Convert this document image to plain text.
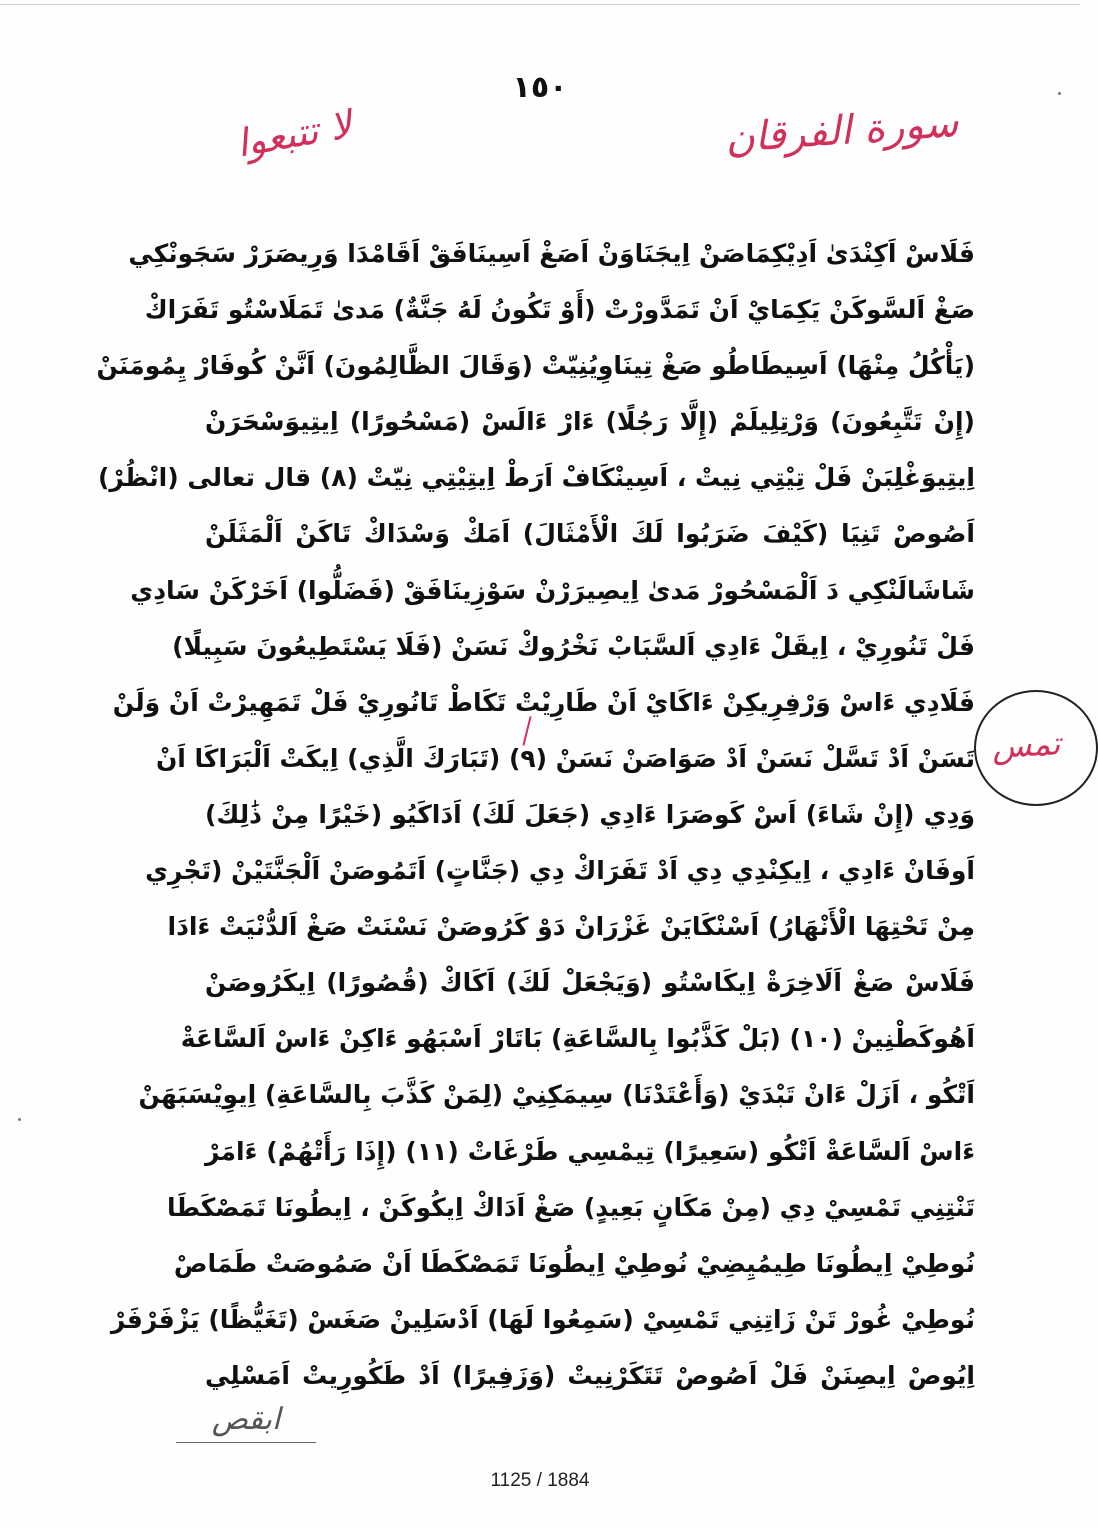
١٥٠
سورة الفرقان
لا تتبعوا
تمس
فَلَاسْ اَكِنْدَىٰ اَدِيْكِمَاصَنْ اِيجَنَاوَنْ اَصَغْ اَسِينَافَقْ اَقَامْدَا وَرِيصَرَرْ سَجَونْكِي
صَغْ اَلسَّوكَنْ يَكِمَايْ اَنْ تَمَدَّورْتْ (أَوْ تَكُونُ لَهُ جَنَّةٌ) مَدىٰ تَمَلَاسْتُو تَفَرَاكْ
(يَأْكُلُ مِنْهَا) اَسِيطَاطُو صَغْ تِينَاوِيُنِيّتْ (وَقَالَ الظَّالِمُونَ) اَنَّنْ كُوفَارْ يِمُومَنَنْ
(إِنْ تَتَّبِعُونَ) وَرْتِلِيلَمْ (إِلَّا رَجُلًا) ءَارْ ءَالَسْ (مَسْحُورًا) اِيتِيوَسْحَرَنْ
اِيتِيوَغْلِبَنْ فَلْ تِيْتِي نِيتْ ، اَسِينْكَافْ اَرَطْ اِيتِيْتِي نِيّتْ (٨) قال تعالى (انْظُرْ)
اَصُوصْ تَنِيَا (كَيْفَ ضَرَبُوا لَكَ الْأَمْثَالَ) اَمَكْ وَسْدَاكْ تَاكَنْ اَلْمَثَلَنْ
شَاشَالَنْكِي دَ اَلْمَسْحُورْ مَدىٰ اِيصِيرَرْنْ سَوْزِينَافَقْ (فَضَلُّوا) اَخَرْكَنْ سَادِي
فَلْ تَنُورِيْ ، اِيقَلْ ءَادِي اَلسَّبَابْ نَخْرُوكْ نَسَنْ (فَلَا يَسْتَطِيعُونَ سَبِيلًا)
فَلَادِي ءَاسْ وَرْفِرِيكِنْ ءَاكَايْ اَنْ طَارِيْتْ تَكَاطْ تَانُورِيْ فَلْ تَمَهِيرْتْ اَنْ وَلَنْ
تَسَنْ اَدْ تَسَّلْ نَسَنْ اَدْ صَوَاصَنْ نَسَنْ (٩) (تَبَارَكَ الَّذِي) اِيكَتْ اَلْبَرَاكَا اَنْ
وَدِي (إِنْ شَاءَ) اَسْ كَوصَرَا ءَادِي (جَعَلَ لَكَ) اَدَاكَيُو (خَيْرًا مِنْ ذَٰلِكَ)
اَوفَانْ ءَادِي ، اِيكِنْدِي دِي اَدْ تَفَرَاكْ دِي (جَنَّاتٍ) اَتَمُوصَنْ اَلْجَنَّتَيْنْ (تَجْرِي
مِنْ تَحْتِهَا الْأَنْهَارُ) اَسْنْكَايَنْ غَزْرَانْ دَوْ كَرُوصَنْ نَسْنَتْ صَغْ اَلدُّنْيَتْ ءَادَا
فَلَاسْ صَغْ اَلَاخِرَةْ اِيكَاسْتُو (وَيَجْعَلْ لَكَ) اَكَاكْ (قُصُورًا) اِيكَرُوصَنْ
اَهُوكَطْنِينْ (١٠) (بَلْ كَذَّبُوا بِالسَّاعَةِ) بَاتَارْ اَسْبَهُو ءَاكِنْ ءَاسْ اَلسَّاعَةْ
اَتْكُو ، اَزَلْ ءَانْ تَبْدَيْ (وَأَعْتَدْنَا) سِيمَكِنِيْ (لِمَنْ كَذَّبَ بِالسَّاعَةِ) اِيوِيْسَبَهَنْ
ءَاسْ اَلسَّاعَةْ اَتْكُو (سَعِيرًا) تِيمْسِي طَرْغَاتْ (١١) (إِذَا رَأَتْهُمْ) ءَامَرْ
تَنْتِنِي تَمْسِيْ دِي (مِنْ مَكَانٍ بَعِيدٍ) صَغْ اَدَاكْ اِيكُوكَنْ ، اِيطُونَا تَمَصْكَطَا
نُوطِيْ اِيطُونَا طِيمُيِضِيْ نُوطِيْ اِيطُونَا تَمَصْكَطَا اَنْ صَمُوصَتْ طَمَاصْ
نُوطِيْ غُورْ تَنْ زَاتِنِي تَمْسِيْ (سَمِعُوا لَهَا) اَدْسَلِينْ صَغَسْ (تَغَيُّظًا) يَزْفَرْفَرْ
اِيُوصْ اِيصِنَنْ فَلْ اَصُوصْ تَتَكَرْنِيتْ (وَزَفِيرًا) اَدْ طَكُورِيتْ اَمَسْلِي
ابقص
1125 / 1884
